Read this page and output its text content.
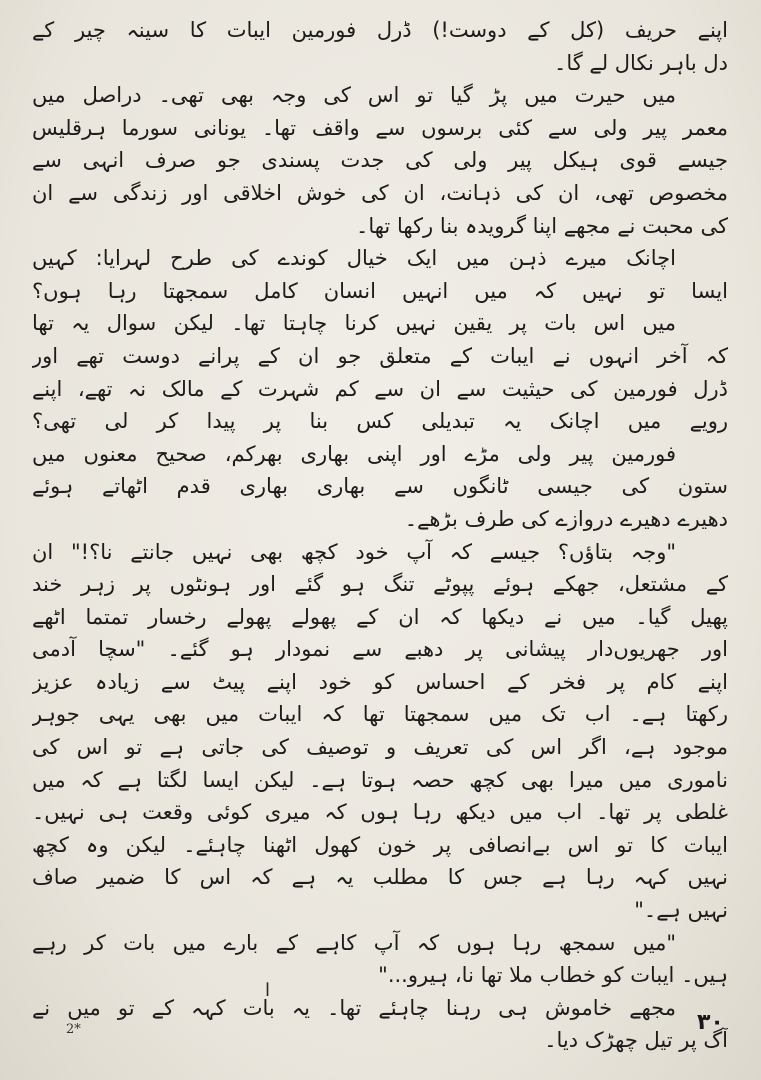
اپنے حریف (کل کے دوست!) ڈرل فورمین ایبات کا سینہ چیر کے
دل باہر نکال لے گا۔
میں حیرت میں پڑ گیا تو اس کی وجہ بھی تھی۔ دراصل میں
معمر پیر ولی سے کئی برسوں سے واقف تھا۔ یونانی سورما ہرقلیس
جیسے قوی ہیکل پیر ولی کی جدت پسندی جو صرف انہی سے
مخصوص تھی، ان کی ذہانت، ان کی خوش اخلاقی اور زندگی سے ان
کی محبت نے مجھے اپنا گرویدہ بنا رکھا تھا۔
اچانک میرے ذہن میں ایک خیال کوندے کی طرح لہرایا: کہیں
ایسا تو نہیں کہ میں انہیں انسان کامل سمجھتا رہا ہوں؟
میں اس بات پر یقین نہیں کرنا چاہتا تھا۔ لیکن سوال یہ تھا
کہ آخر انہوں نے ایبات کے متعلق جو ان کے پرانے دوست تھے اور
ڈرل فورمین کی حیثیت سے ان سے کم شہرت کے مالک نہ تھے، اپنے
رویے میں اچانک یہ تبدیلی کس بنا پر پیدا کر لی تھی؟
فورمین پیر ولی مڑے اور اپنی بھاری بھرکم، صحیح معنوں میں
ستون کی جیسی ٹانگوں سے بھاری بھاری قدم اٹھاتے ہوئے
دھیرے دھیرے دروازے کی طرف بڑھے۔
"وجہ بتاؤں؟ جیسے کہ آپ خود کچھ بھی نہیں جانتے نا؟!" ان
کے مشتعل، جھکے ہوئے پپوٹے تنگ ہو گئے اور ہونٹوں پر زہر خند
پھیل گیا۔ میں نے دیکھا کہ ان کے پھولے پھولے رخسار تمتما اٹھے
اور جھریوں‌دار پیشانی پر دھبے سے نمودار ہو گئے۔ "سچا آدمی
اپنے کام پر فخر کے احساس کو خود اپنے پیٹ سے زیادہ عزیز
رکھتا ہے۔ اب تک میں سمجھتا تھا کہ ایبات میں بھی یہی جوہر
موجود ہے، اگر اس کی تعریف و توصیف کی جاتی ہے تو اس کی
ناموری میں میرا بھی کچھ حصہ ہوتا ہے۔ لیکن ایسا لگتا ہے کہ میں
غلطی پر تھا۔ اب میں دیکھ رہا ہوں کہ میری کوئی وقعت ہی نہیں۔
ایبات کا تو اس بے‌انصافی پر خون کھول اٹھنا چاہئے۔ لیکن وہ کچھ
نہیں کہہ رہا ہے جس کا مطلب یہ ہے کہ اس کا ضمیر صاف
نہیں ہے۔"
"میں سمجھ رہا ہوں کہ آپ کاہے کے بارے میں بات کر رہے
ہیں۔ ایبات کو خطاب ملا تھا نا، ہیرو..."
مجھے خاموش ہی رہنا چاہئے تھا۔ یہ بات کہہ کے تو میں نے
آگ پر تیل چھڑک دیا۔
ا
2*	۳۰
